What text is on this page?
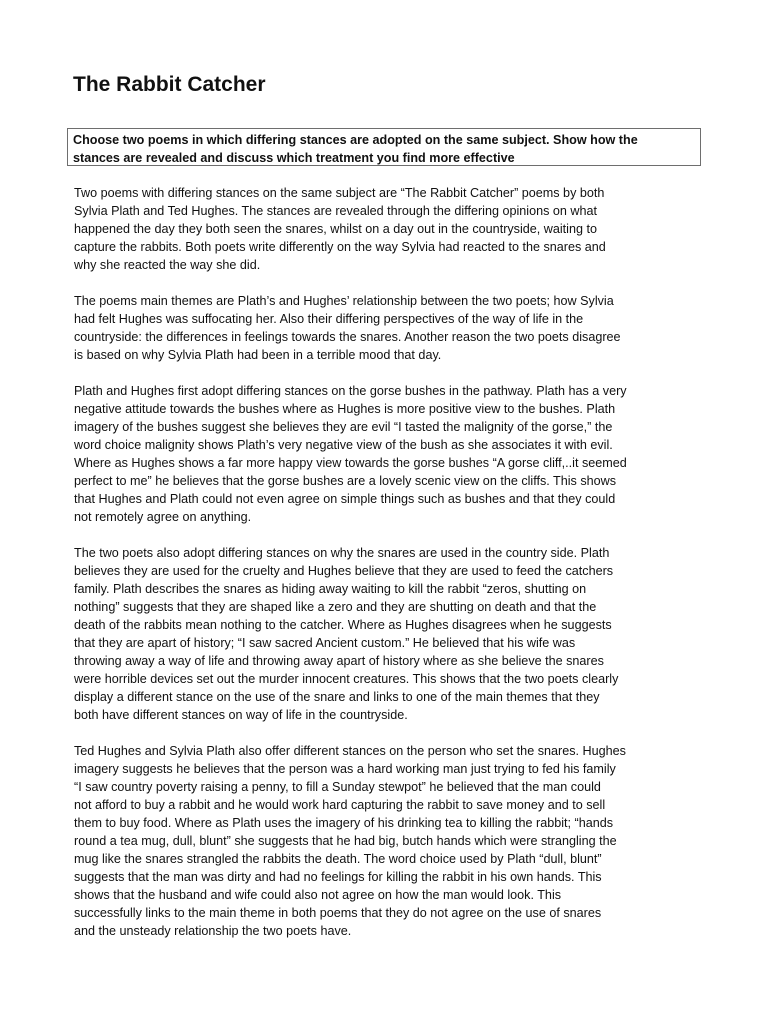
The Rabbit Catcher
Choose two poems in which differing stances are adopted on the same subject. Show how the
stances are revealed and discuss which treatment you find more effective

Two poems with differing stances on the same subject are “The Rabbit Catcher” poems by both
Sylvia Plath and Ted Hughes. The stances are revealed through the differing opinions on what
happened the day they both seen the snares, whilst on a day out in the countryside, waiting to
capture the rabbits. Both poets write differently on the way Sylvia had reacted to the snares and
why she reacted the way she did.

The poems main themes are Plath’s and Hughes’ relationship between the two poets; how Sylvia
had felt Hughes was suffocating her. Also their differing perspectives of the way of life in the
countryside: the differences in feelings towards the snares. Another reason the two poets disagree
is based on why Sylvia Plath had been in a terrible mood that day.

Plath and Hughes first adopt differing stances on the gorse bushes in the pathway. Plath has a very
negative attitude towards the bushes where as Hughes is more positive view to the bushes. Plath
imagery of the bushes suggest she believes they are evil “I tasted the malignity of the gorse,” the
word choice malignity shows Plath’s very negative view of the bush as she associates it with evil.
Where as Hughes shows a far more happy view towards the gorse bushes “A gorse cliff,..it seemed
perfect to me” he believes that the gorse bushes are a lovely scenic view on the cliffs. This shows
that Hughes and Plath could not even agree on simple things such as bushes and that they could
not remotely agree on anything.

The two poets also adopt differing stances on why the snares are used in the country side. Plath
believes they are used for the cruelty and Hughes believe that they are used to feed the catchers
family. Plath describes the snares as hiding away waiting to kill the rabbit “zeros, shutting on
nothing” suggests that they are shaped like a zero and they are shutting on death and that the
death of the rabbits mean nothing to the catcher. Where as Hughes disagrees when he suggests
that they are apart of history; “I saw sacred Ancient custom.” He believed that his wife was
throwing away a way of life and throwing away apart of history where as she believe the snares
were horrible devices set out the murder innocent creatures. This shows that the two poets clearly
display a different stance on the use of the snare and links to one of the main themes that they
both have different stances on way of life in the countryside.

Ted Hughes and Sylvia Plath also offer different stances on the person who set the snares. Hughes
imagery suggests he believes that the person was a hard working man just trying to fed his family
“I saw country poverty raising a penny, to fill a Sunday stewpot” he believed that the man could
not afford to buy a rabbit and he would work hard capturing the rabbit to save money and to sell
them to buy food. Where as Plath uses the imagery of his drinking tea to killing the rabbit; “hands
round a tea mug, dull, blunt” she suggests that he had big, butch hands which were strangling the
mug like the snares strangled the rabbits the death. The word choice used by Plath “dull, blunt”
suggests that the man was dirty and had no feelings for killing the rabbit in his own hands. This
shows that the husband and wife could also not agree on how the man would look. This
successfully links to the main theme in both poems that they do not agree on the use of snares
and the unsteady relationship the two poets have.
